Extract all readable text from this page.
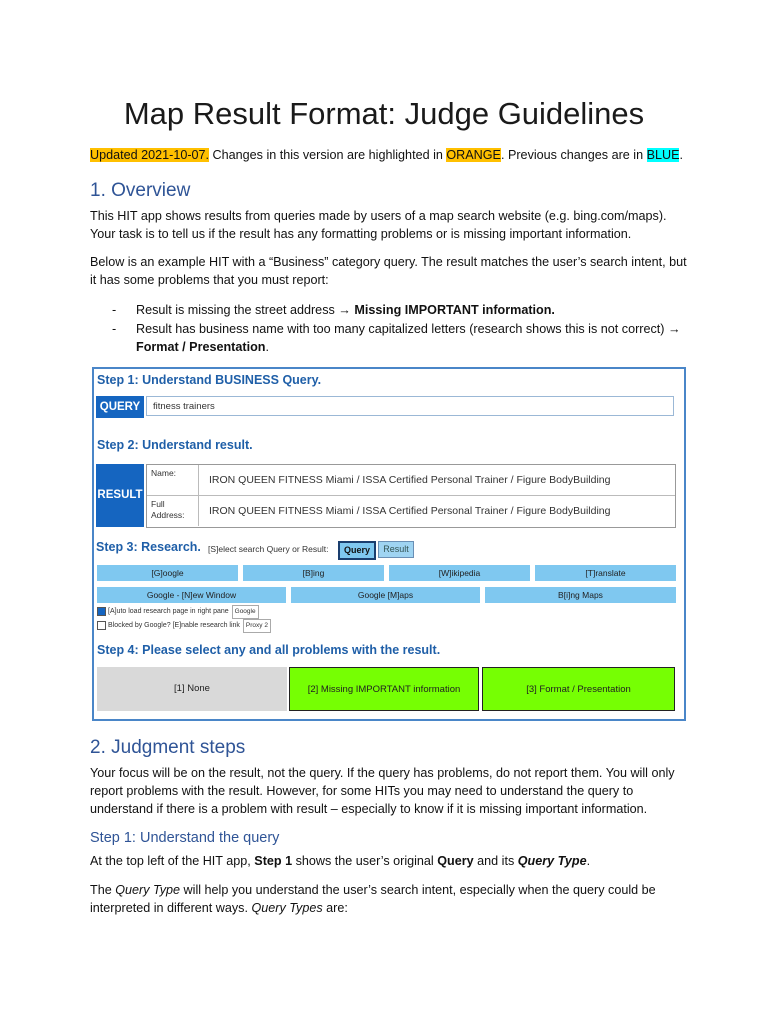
Map Result Format: Judge Guidelines

Updated 2021-10-07. Changes in this version are highlighted in ORANGE. Previous changes are in BLUE.

1. Overview

This HIT app shows results from queries made by users of a map search website (e.g. bing.com/maps). Your task is to tell us if the result has any formatting problems or is missing important information.

Below is an example HIT with a “Business” category query. The result matches the user’s search intent, but it has some problems that you must report:

- Result is missing the street address → Missing IMPORTANT information.
- Result has business name with too many capitalized letters (research shows this is not correct) → Format / Presentation.
Step 1: Understand BUSINESS Query.
QUERY	fitness trainers
Step 2: Understand result.
RESULT
Name:
IRON QUEEN FITNESS Miami / ISSA Certified Personal Trainer / Figure BodyBuilding
Full Address:	IRON QUEEN FITNESS Miami / ISSA Certified Personal Trainer / Figure BodyBuilding
Step 3: Research. [S]elect search Query or Result:	Query	Result
[G]oogle	[B]ing	[W]ikipedia	[T]ranslate
Google - [N]ew Window	Google [M]aps	B[i]ng Maps
[A]uto load research page in right pane Google
Blocked by Google? [E]nable research link Proxy 2
Step 4: Please select any and all problems with the result.
[1] None	[2] Missing IMPORTANT information	[3] Format / Presentation
2. Judgment steps

Your focus will be on the result, not the query. If the query has problems, do not report them. You will only report problems with the result. However, for some HITs you may need to understand the query to understand if there is a problem with result – especially to know if it is missing important information.

Step 1: Understand the query

At the top left of the HIT app, Step 1 shows the user’s original Query and its Query Type.

The Query Type will help you understand the user’s search intent, especially when the query could be interpreted in different ways. Query Types are:
